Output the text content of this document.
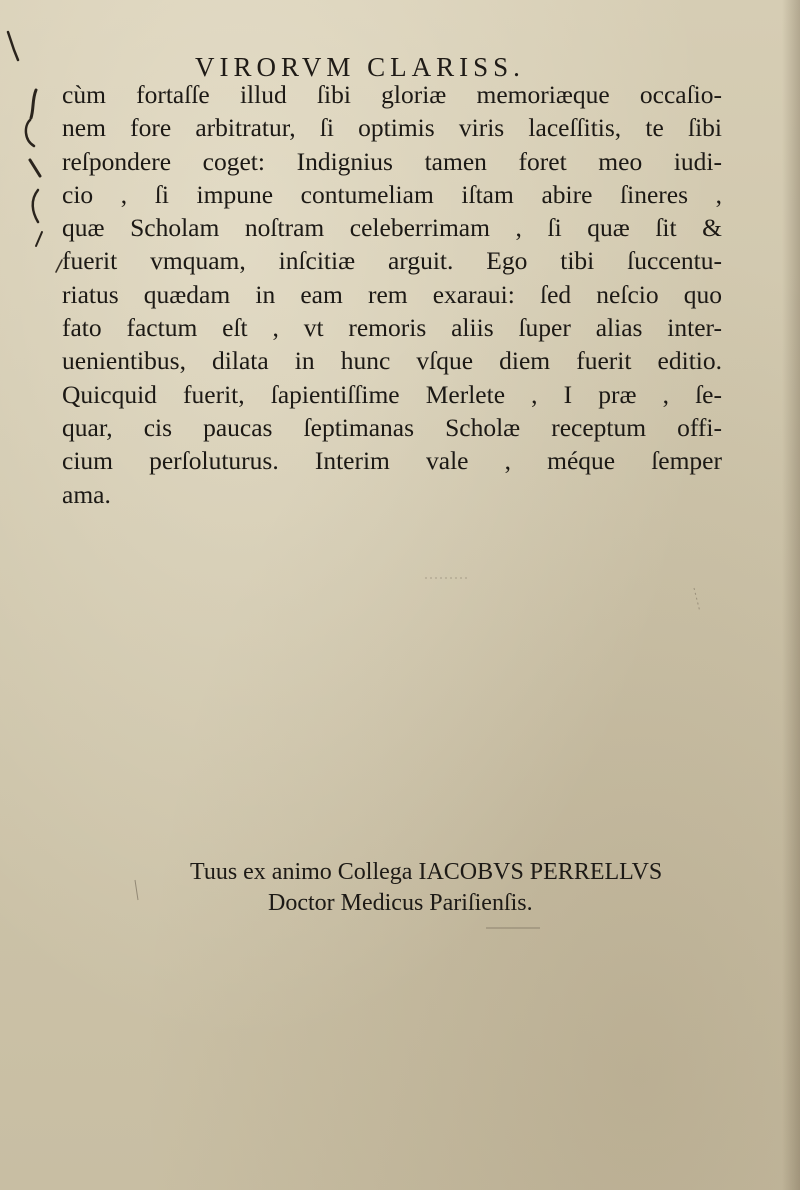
VIRORVM CLARISS.
cùm fortaſſe illud ſibi gloriæ memoriæque occaſio-
nem fore arbitratur, ſi optimis viris laceſſitis, te ſibi
reſpondere coget: Indignius tamen foret meo iudi-
cio , ſi impune contumeliam iſtam abire ſineres ,
quæ Scholam noſtram celeberrimam , ſi quæ ſit &
fuerit vmquam, inſcitiæ arguit. Ego tibi ſuccentu-
riatus quædam in eam rem exaraui: ſed neſcio quo
fato factum eſt , vt remoris aliis ſuper alias inter-
uenientibus, dilata in hunc vſque diem fuerit editio.
Quicquid fuerit, ſapientiſſime Merlete , I præ , ſe-
quar, cis paucas ſeptimanas Scholæ receptum offi-
cium perſoluturus. Interim vale , méque ſemper
ama.
Tuus ex animo Collega IACOBVS PERRELLVS
Doctor Medicus Pariſienſis.
